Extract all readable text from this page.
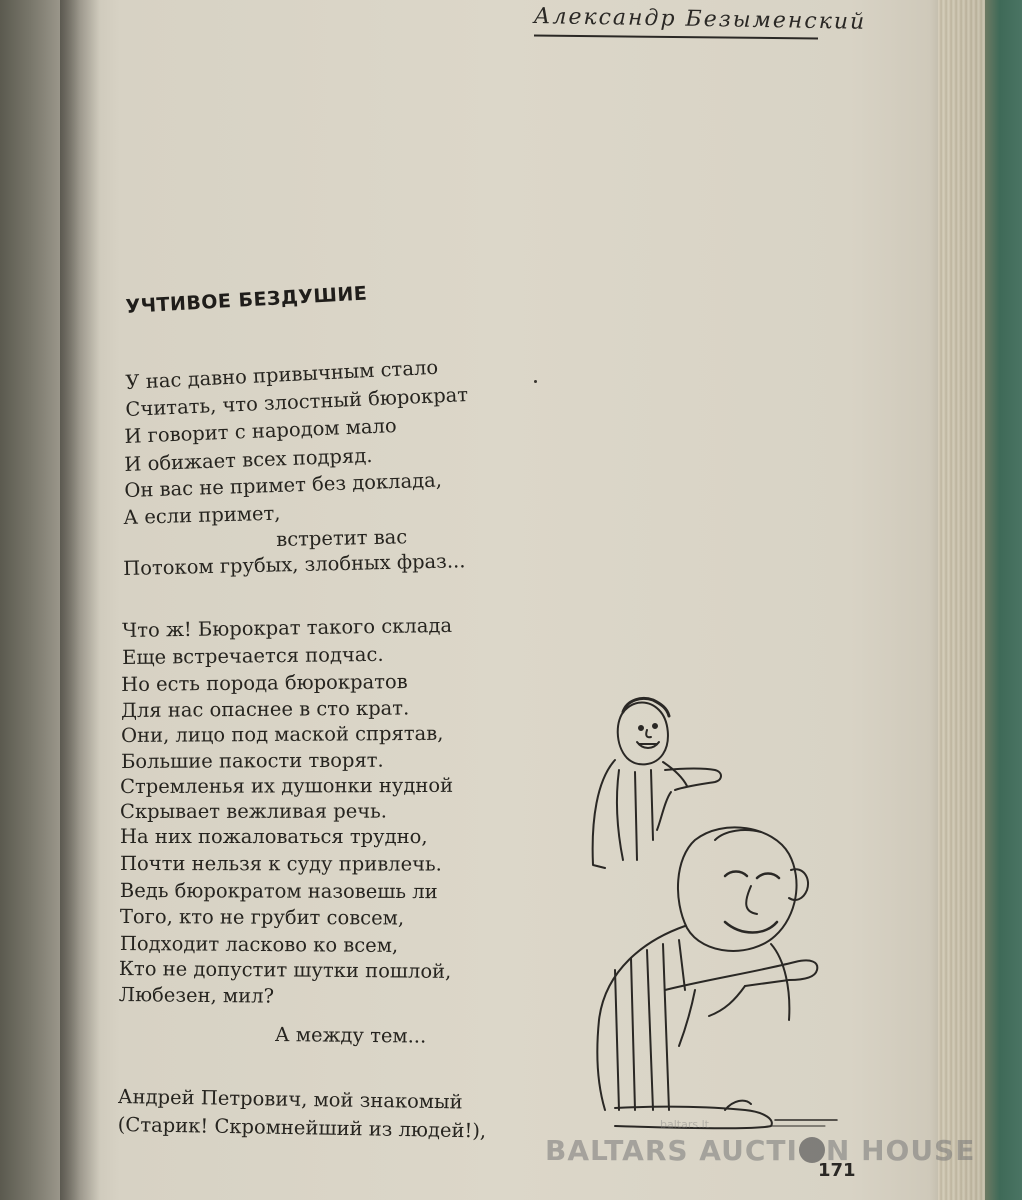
Александр Безыменский
УЧТИВОЕ БЕЗДУШИЕ
У нас давно привычным стало
Считать, что злостный бюрократ
И говорит с народом мало
И обижает всех подряд.
Он вас не примет без доклада,
А если примет,
встретит вас
Потоком грубых, злобных фраз...
Что ж! Бюрократ такого склада
Еще встречается подчас.
Но есть порода бюрократов
Для нас опаснее в сто крат.
Они, лицо под маской спрятав,
Большие пакости творят.
Стремленья их душонки нудной
Скрывает вежливая речь.
На них пожаловаться трудно,
Почти нельзя к суду привлечь.
Ведь бюрократом назовешь ли
Того, кто не грубит совсем,
Подходит ласково ко всем,
Кто не допустит шутки пошлой,
Любезен, мил?
А между тем...
Андрей Петрович, мой знакомый
(Старик! Скромнейший из людей!),	baltars.lt
BALTARS AUCTI N HOUSE
171
